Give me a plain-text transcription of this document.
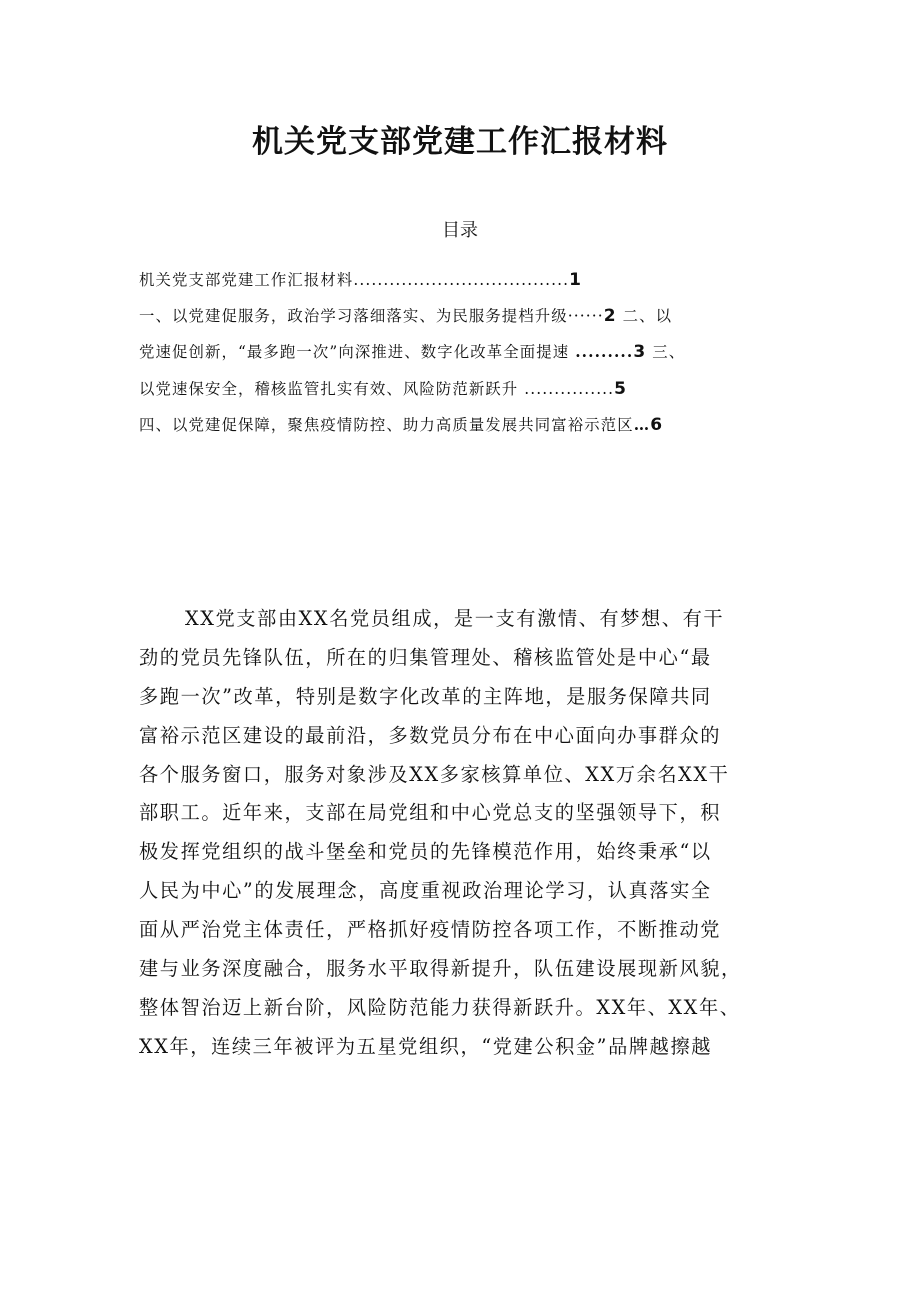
机关党支部党建工作汇报材料
目录
机关党支部党建工作汇报材料....................................1
一、以党建促服务，政治学习落细落实、为民服务提档升级······2 二、以
党速促创新，“最多跑一次”向深推进、数字化改革全面提速 .........3 三、
以党速保安全，稽核监管扎实有效、风险防范新跃升 ...............5
四、以党建促保障，聚焦疫情防控、助力高质量发展共同富裕示范区…6
XX党支部由XX名党员组成，是一支有激情、有梦想、有干
劲的党员先锋队伍，所在的归集管理处、稽核监管处是中心“最
多跑一次”改革，特别是数字化改革的主阵地，是服务保障共同
富裕示范区建设的最前沿，多数党员分布在中心面向办事群众的
各个服务窗口，服务对象涉及XX多家核算单位、XX万余名XX干
部职工。近年来，支部在局党组和中心党总支的坚强领导下，积
极发挥党组织的战斗堡垒和党员的先锋模范作用，始终秉承“以
人民为中心”的发展理念，高度重视政治理论学习，认真落实全
面从严治党主体责任，严格抓好疫情防控各项工作，不断推动党
建与业务深度融合，服务水平取得新提升，队伍建设展现新风貌，
整体智治迈上新台阶，风险防范能力获得新跃升。XX年、XX年、
XX年，连续三年被评为五星党组织，“党建公积金”品牌越擦越
